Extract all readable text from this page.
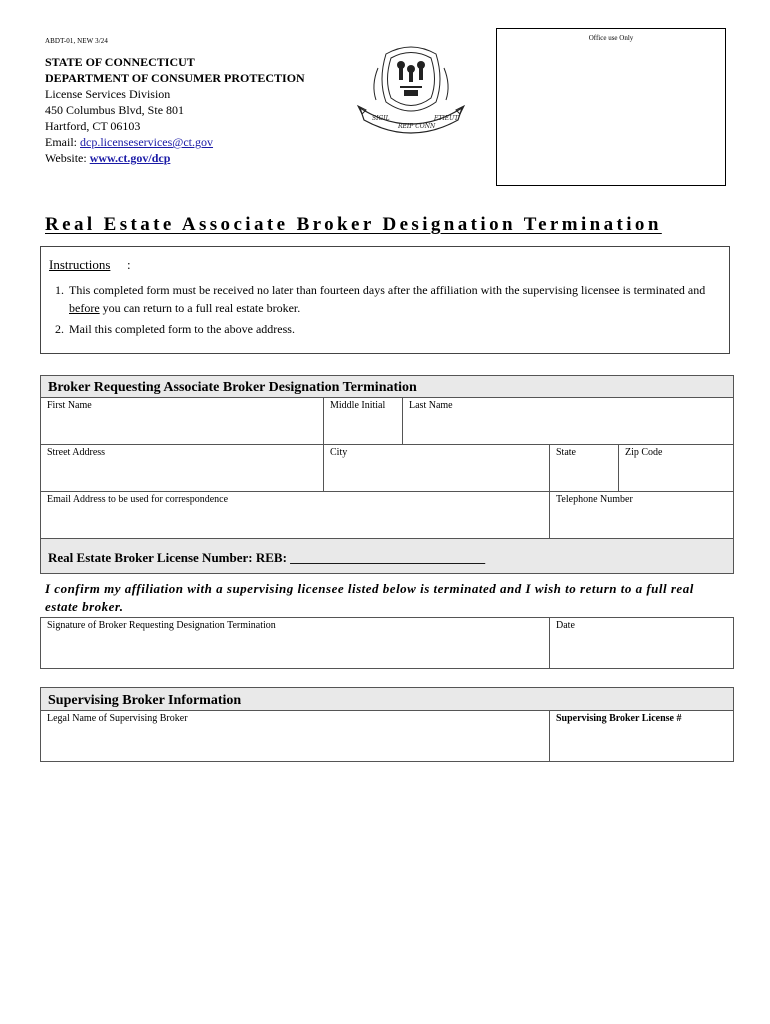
ABDT-01, NEW 3/24
STATE OF CONNECTICUT
DEPARTMENT OF CONSUMER PROTECTION
License Services Division
450 Columbus Blvd, Ste 801
Hartford, CT 06103
Email: dcp.licenseservices@ct.gov
Website: www.ct.gov/dcp
SIGIL
REIP CONN
ETIEUT
Office use Only
Real Estate Associate Broker Designation Termination
Instructions :
1. This completed form must be received no later than fourteen days after the affiliation with the supervising licensee is terminated and before you can return to a full real estate broker.
2. Mail this completed form to the above address.
Broker Requesting Associate Broker Designation Termination
First Name	Middle Initial	Last Name
Street Address	City	State	Zip Code
Email Address to be used for correspondence	Telephone Number
Real Estate Broker License Number: REB: ______________________________
I confirm my affiliation with a supervising licensee listed below is terminated and I wish to return to a full real estate broker.
Signature of Broker Requesting Designation Termination	Date
Supervising Broker Information
Legal Name of Supervising Broker	Supervising Broker License #
